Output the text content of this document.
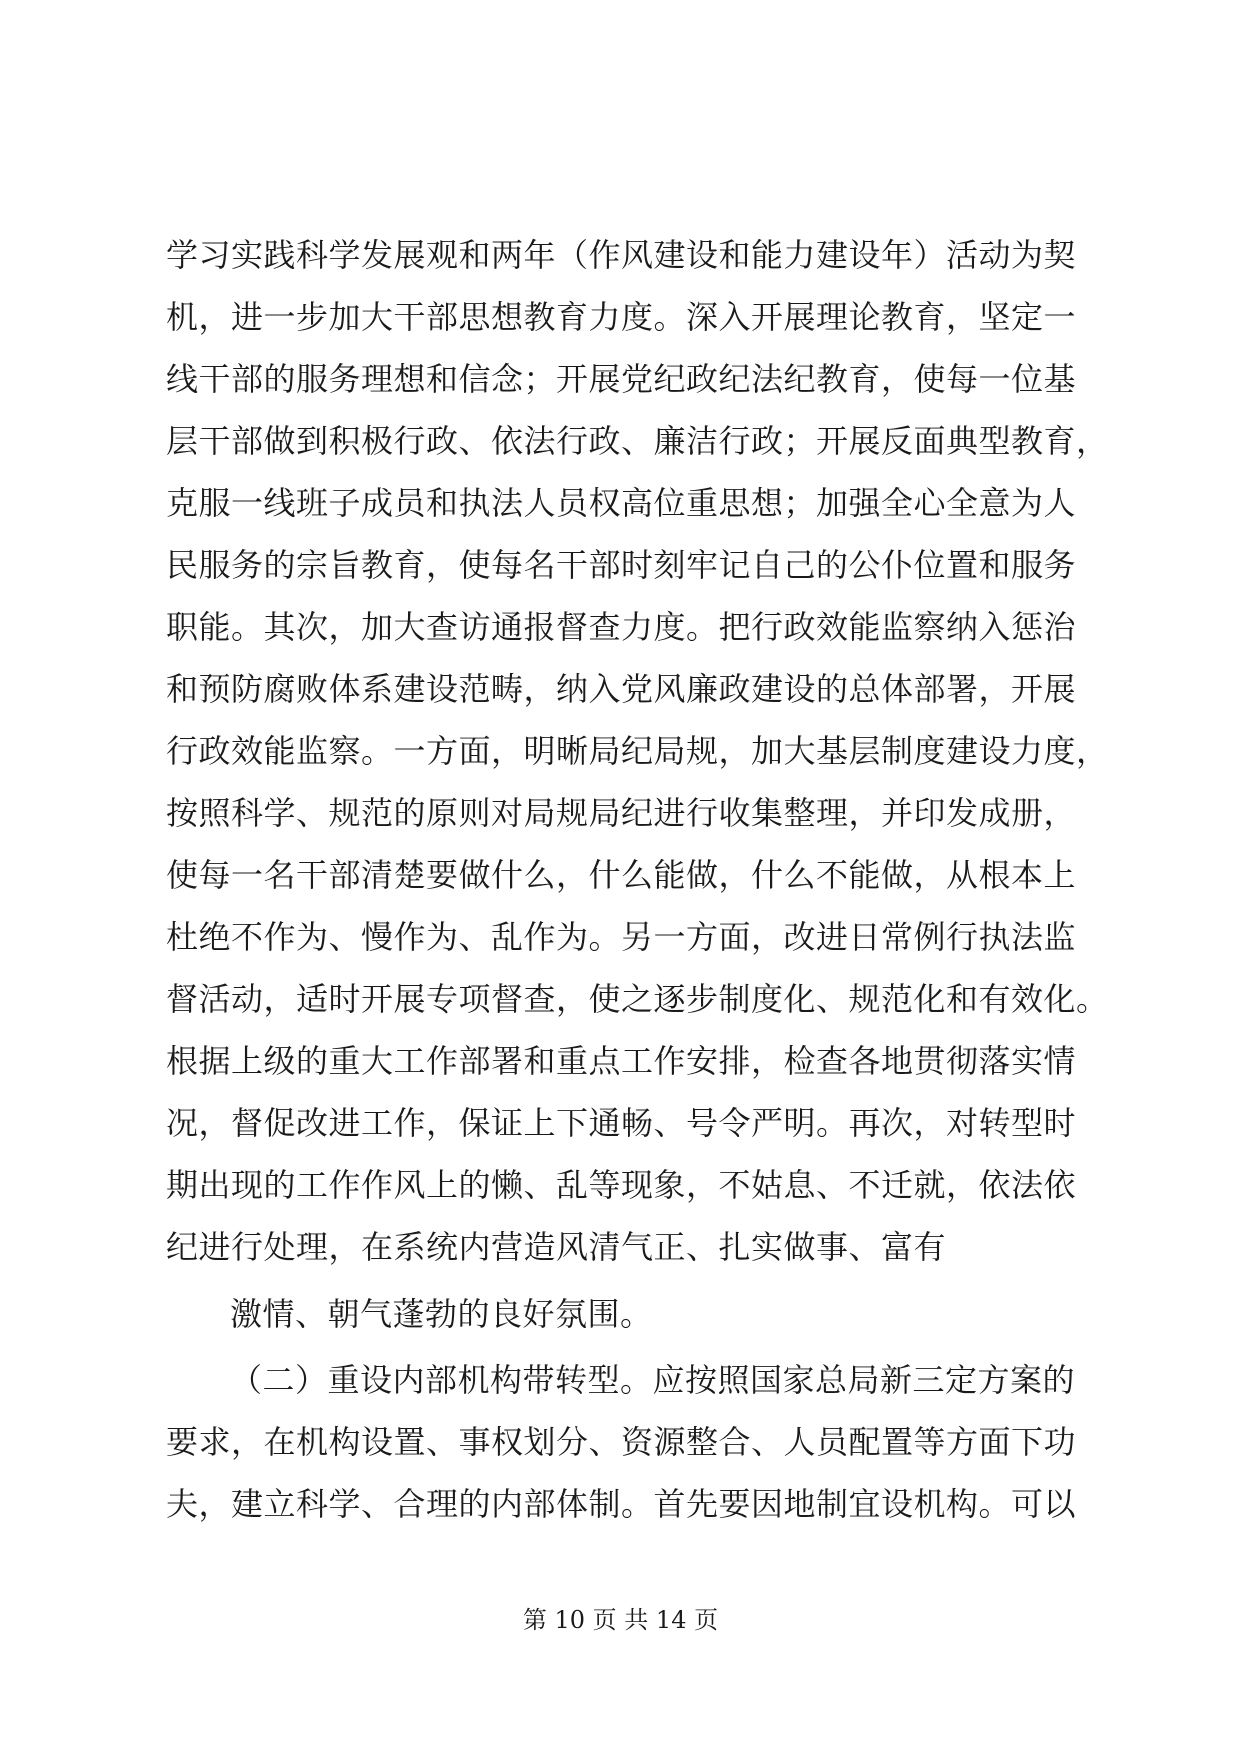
学习实践科学发展观和两年（作风建设和能力建设年）活动为契
机，进一步加大干部思想教育力度。深入开展理论教育，坚定一
线干部的服务理想和信念；开展党纪政纪法纪教育，使每一位基
层干部做到积极行政、依法行政、廉洁行政；开展反面典型教育，
克服一线班子成员和执法人员权高位重思想；加强全心全意为人
民服务的宗旨教育，使每名干部时刻牢记自己的公仆位置和服务
职能。其次，加大查访通报督查力度。把行政效能监察纳入惩治
和预防腐败体系建设范畴，纳入党风廉政建设的总体部署，开展
行政效能监察。一方面，明晰局纪局规，加大基层制度建设力度，
按照科学、规范的原则对局规局纪进行收集整理，并印发成册，
使每一名干部清楚要做什么，什么能做，什么不能做，从根本上
杜绝不作为、慢作为、乱作为。另一方面，改进日常例行执法监
督活动，适时开展专项督查，使之逐步制度化、规范化和有效化。
根据上级的重大工作部署和重点工作安排，检查各地贯彻落实情
况，督促改进工作，保证上下通畅、号令严明。再次，对转型时
期出现的工作作风上的懒、乱等现象，不姑息、不迁就，依法依
纪进行处理，在系统内营造风清气正、扎实做事、富有
激情、朝气蓬勃的良好氛围。
（二）重设内部机构带转型。应按照国家总局新三定方案的
要求，在机构设置、事权划分、资源整合、人员配置等方面下功
夫，建立科学、合理的内部体制。首先要因地制宜设机构。可以
第 10 页 共 14 页
